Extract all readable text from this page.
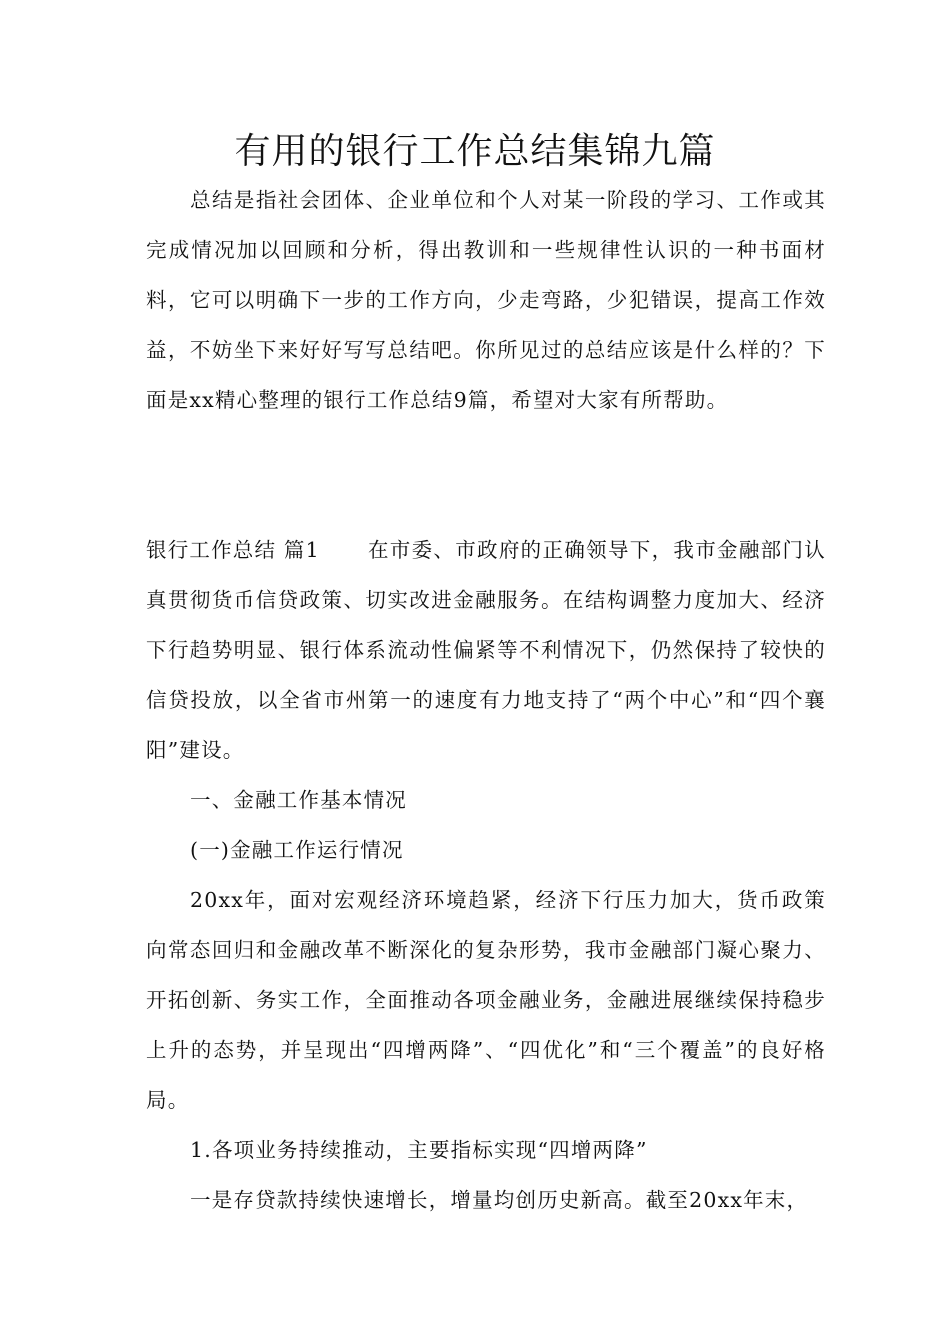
有用的银行工作总结集锦九篇

总结是指社会团体、企业单位和个人对某一阶段的学习、工作或其完成情况加以回顾和分析，得出教训和一些规律性认识的一种书面材料，它可以明确下一步的工作方向，少走弯路，少犯错误，提高工作效益，不妨坐下来好好写写总结吧。你所见过的总结应该是什么样的？下面是xx精心整理的银行工作总结9篇，希望对大家有所帮助。

银行工作总结 篇1 在市委、市政府的正确领导下，我市金融部门认真贯彻货币信贷政策、切实改进金融服务。在结构调整力度加大、经济下行趋势明显、银行体系流动性偏紧等不利情况下，仍然保持了较快的信贷投放，以全省市州第一的速度有力地支持了“两个中心”和“四个襄阳”建设。

一、金融工作基本情况

(一)金融工作运行情况

20xx年，面对宏观经济环境趋紧，经济下行压力加大，货币政策向常态回归和金融改革不断深化的复杂形势，我市金融部门凝心聚力、开拓创新、务实工作，全面推动各项金融业务，金融进展继续保持稳步上升的态势，并呈现出“四增两降”、“四优化”和“三个覆盖”的良好格局。

1.各项业务持续推动，主要指标实现“四增两降”

一是存贷款持续快速增长，增量均创历史新高。截至20xx年末，
